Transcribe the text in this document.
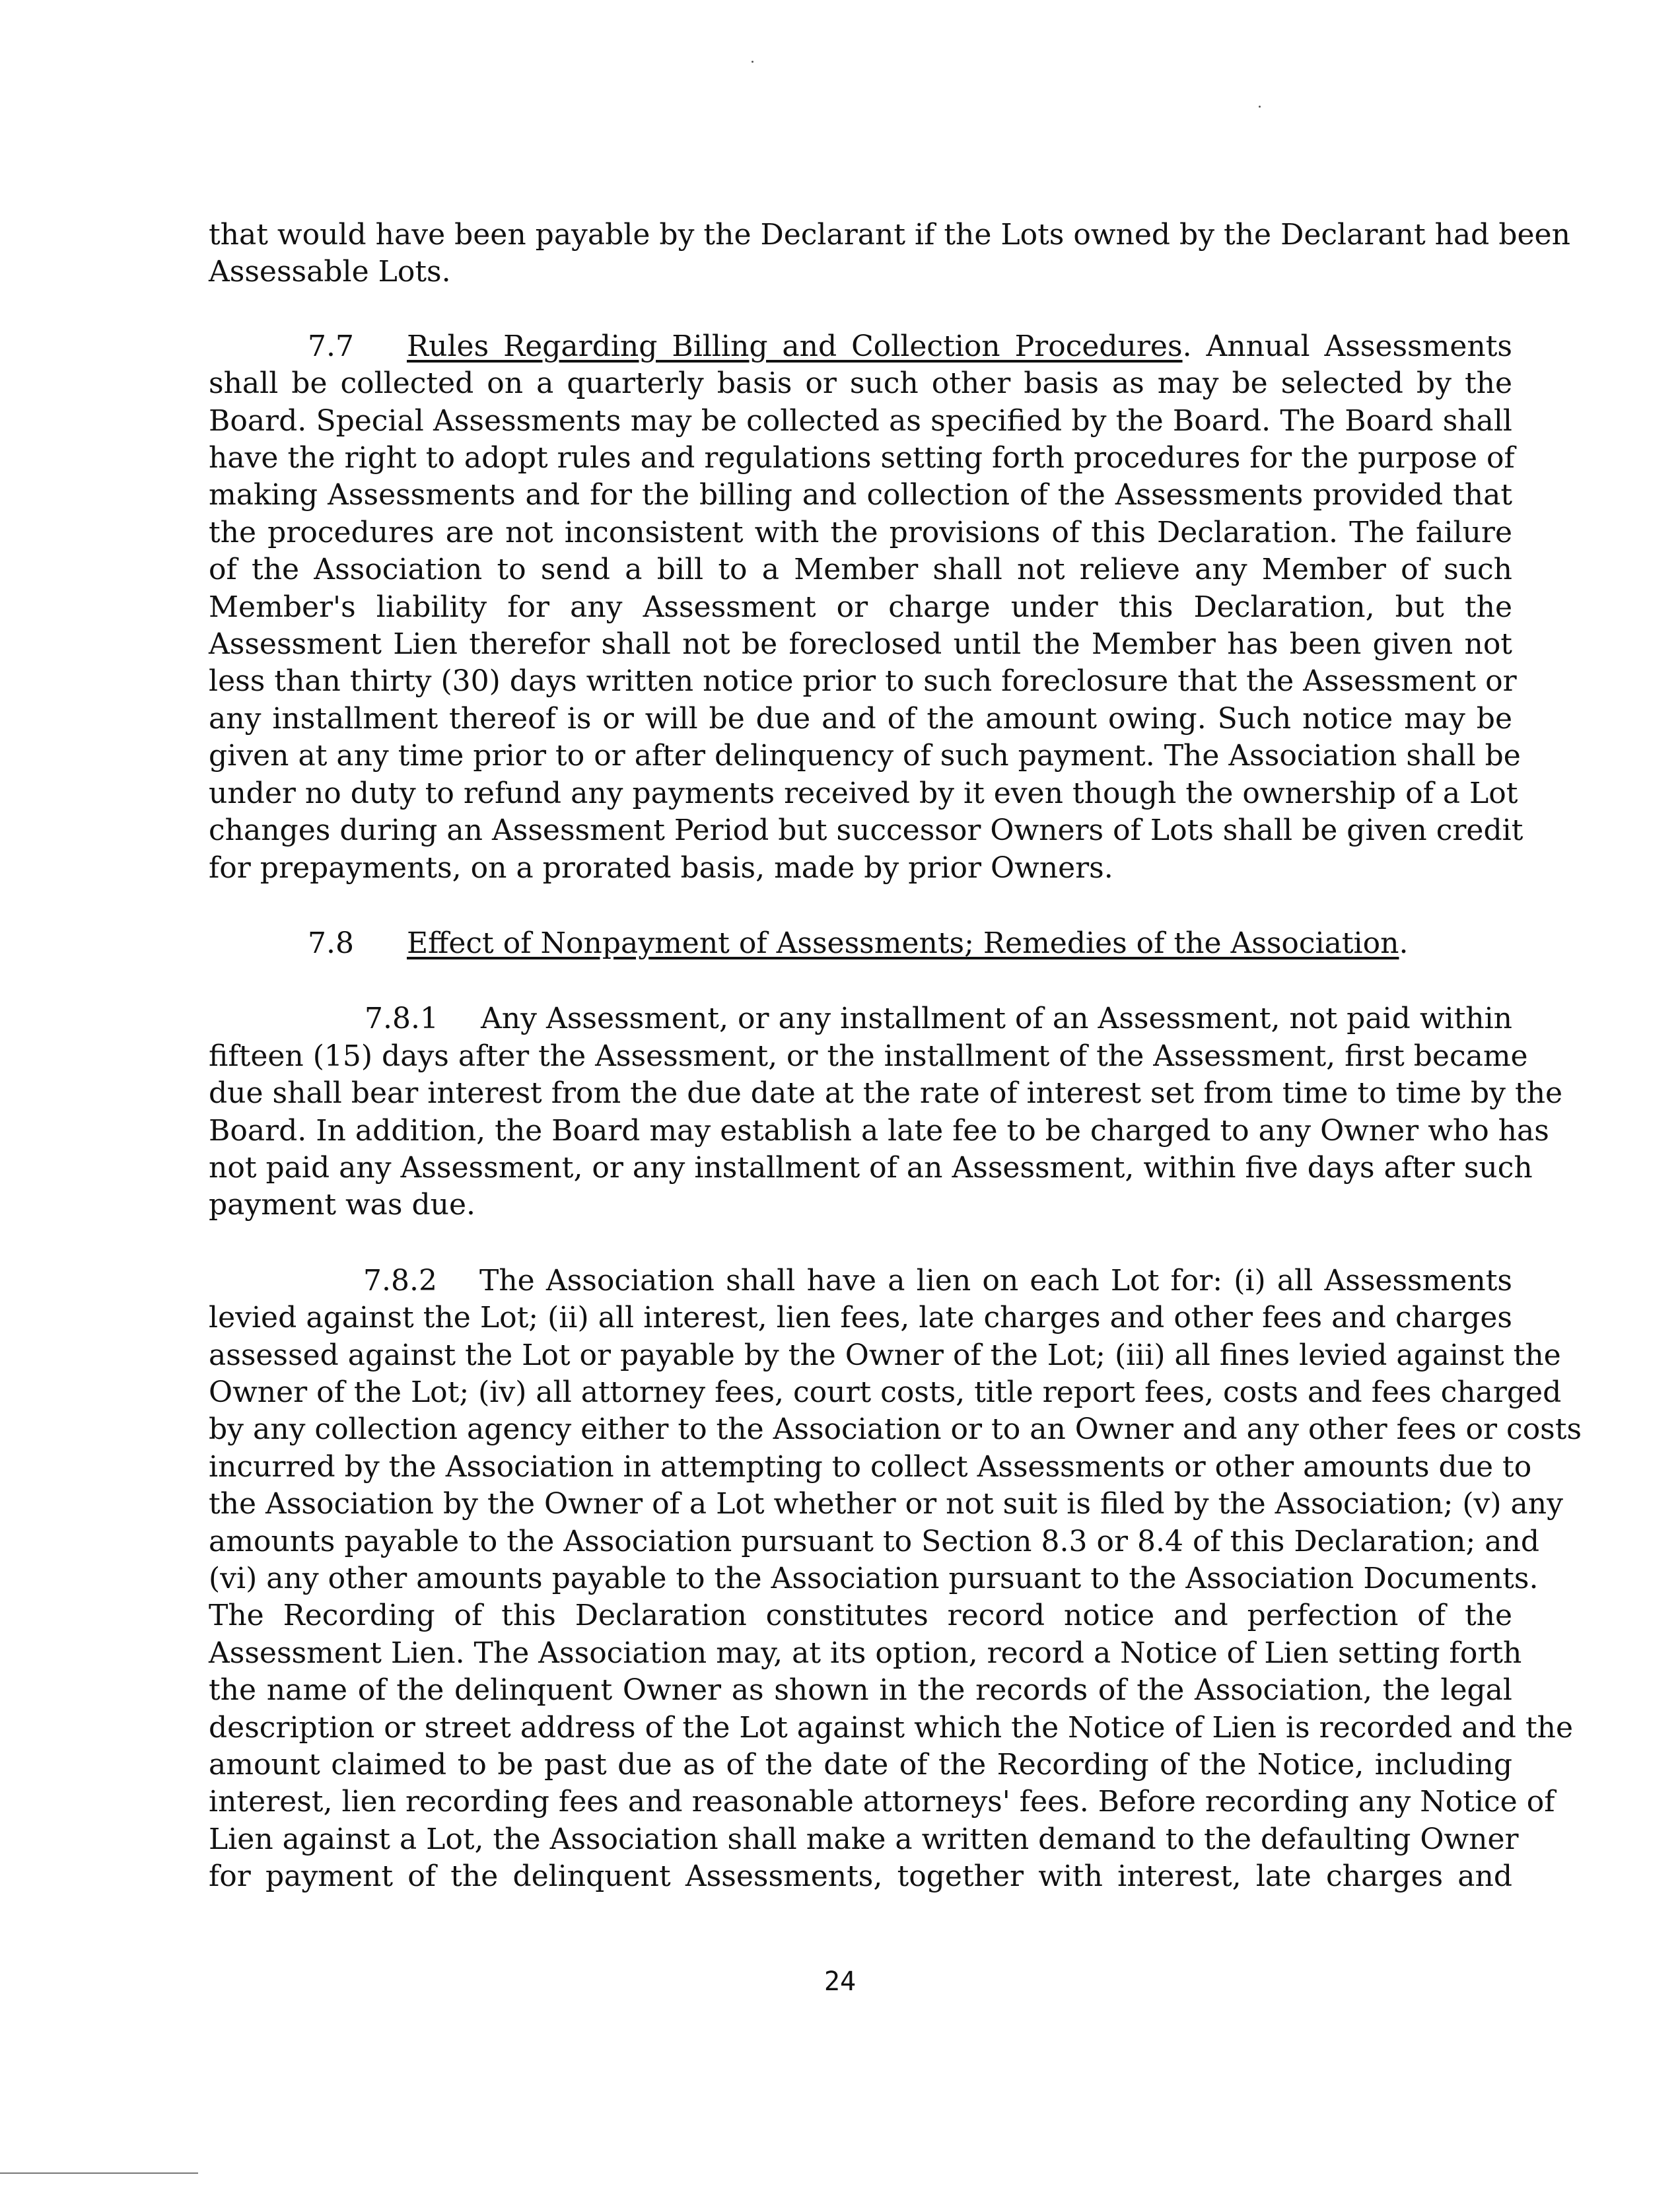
that would have been payable by the Declarant if the Lots owned by the Declarant had been
Assessable Lots.

7.7 Rules Regarding Billing and Collection Procedures. Annual Assessments
shall be collected on a quarterly basis or such other basis as may be selected by the
Board. Special Assessments may be collected as specified by the Board. The Board shall
have the right to adopt rules and regulations setting forth procedures for the purpose of
making Assessments and for the billing and collection of the Assessments provided that
the procedures are not inconsistent with the provisions of this Declaration. The failure
of the Association to send a bill to a Member shall not relieve any Member of such
Member's liability for any Assessment or charge under this Declaration, but the
Assessment Lien therefor shall not be foreclosed until the Member has been given not
less than thirty (30) days written notice prior to such foreclosure that the Assessment or
any installment thereof is or will be due and of the amount owing. Such notice may be
given at any time prior to or after delinquency of such payment. The Association shall be
under no duty to refund any payments received by it even though the ownership of a Lot
changes during an Assessment Period but successor Owners of Lots shall be given credit
for prepayments, on a prorated basis, made by prior Owners.

7.8 Effect of Nonpayment of Assessments; Remedies of the Association.

7.8.1 Any Assessment, or any installment of an Assessment, not paid within
fifteen (15) days after the Assessment, or the installment of the Assessment, first became
due shall bear interest from the due date at the rate of interest set from time to time by the
Board. In addition, the Board may establish a late fee to be charged to any Owner who has
not paid any Assessment, or any installment of an Assessment, within five days after such
payment was due.

7.8.2 The Association shall have a lien on each Lot for: (i) all Assessments
levied against the Lot; (ii) all interest, lien fees, late charges and other fees and charges
assessed against the Lot or payable by the Owner of the Lot; (iii) all fines levied against the
Owner of the Lot; (iv) all attorney fees, court costs, title report fees, costs and fees charged
by any collection agency either to the Association or to an Owner and any other fees or costs
incurred by the Association in attempting to collect Assessments or other amounts due to
the Association by the Owner of a Lot whether or not suit is filed by the Association; (v) any
amounts payable to the Association pursuant to Section 8.3 or 8.4 of this Declaration; and
(vi) any other amounts payable to the Association pursuant to the Association Documents.
The Recording of this Declaration constitutes record notice and perfection of the
Assessment Lien. The Association may, at its option, record a Notice of Lien setting forth
the name of the delinquent Owner as shown in the records of the Association, the legal
description or street address of the Lot against which the Notice of Lien is recorded and the
amount claimed to be past due as of the date of the Recording of the Notice, including
interest, lien recording fees and reasonable attorneys' fees. Before recording any Notice of
Lien against a Lot, the Association shall make a written demand to the defaulting Owner
for payment of the delinquent Assessments, together with interest, late charges and

24
